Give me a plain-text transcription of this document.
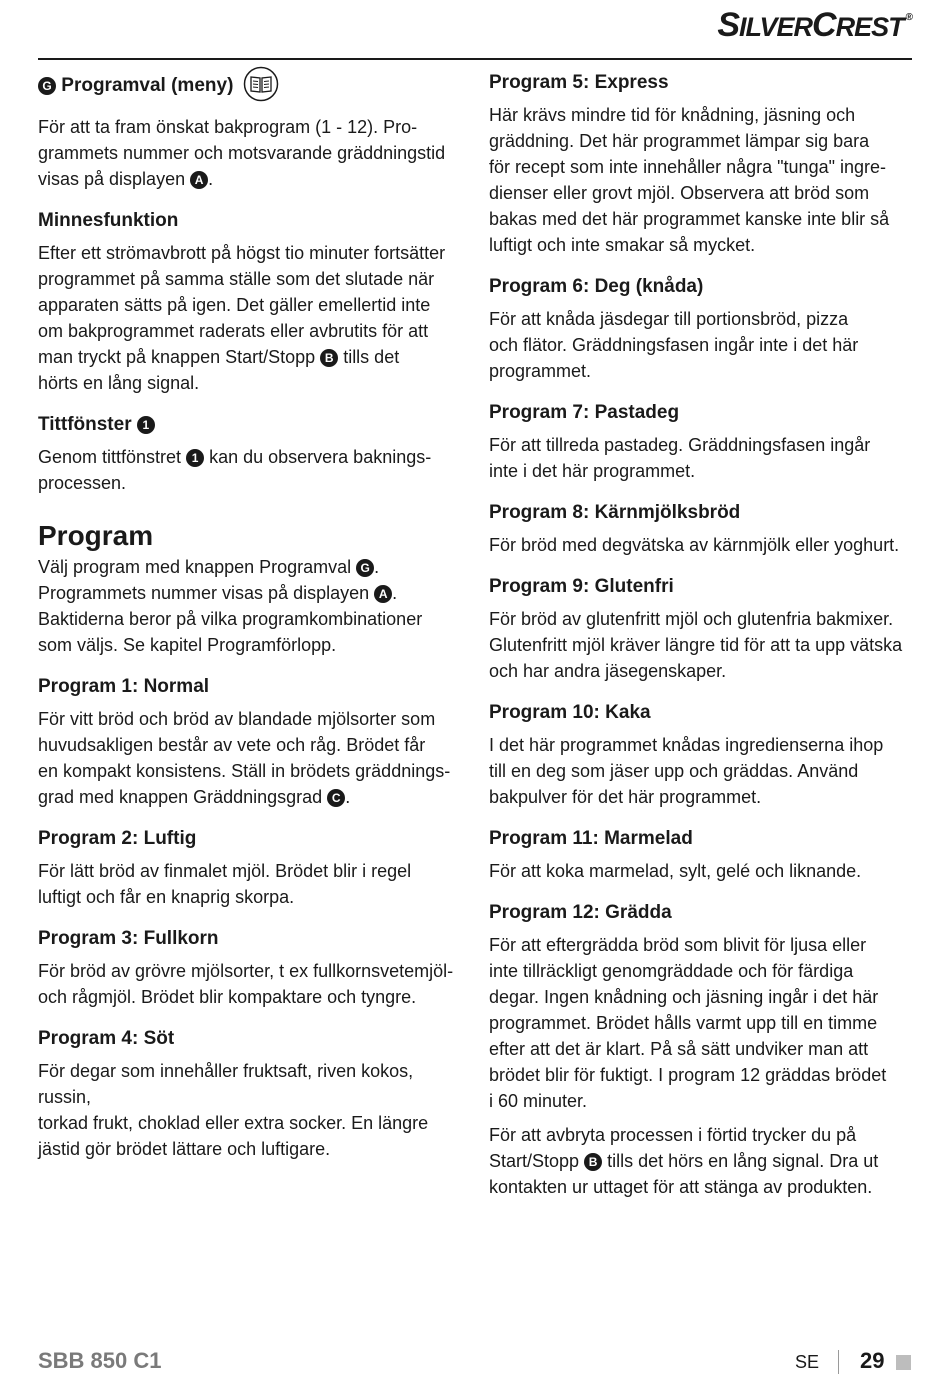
SILVERCREST ®
G Programval (meny)

För att ta fram önskat bakprogram (1 - 12). Pro-
grammets nummer och motsvarande gräddningstid
visas på displayen A .

Minnesfunktion

Efter ett strömavbrott på högst tio minuter fortsätter
programmet på samma ställe som det slutade när
apparaten sätts på igen. Det gäller emellertid inte
om bakprogrammet raderats eller avbrutits för att
man tryckt på knappen Start/Stopp B tills det
hörts en lång signal.

Tittfönster 1

Genom tittfönstret 1 kan du observera baknings-
processen.

Program

Välj program med knappen Programval G .
Programmets nummer visas på displayen A .
Baktiderna beror på vilka programkombinationer
som väljs. Se kapitel Programförlopp.

Program 1: Normal

För vitt bröd och bröd av blandade mjölsorter som
huvudsakligen består av vete och råg. Brödet får
en kompakt konsistens. Ställ in brödets gräddnings-
grad med knappen Gräddningsgrad C .

Program 2: Luftig

För lätt bröd av finmalet mjöl. Brödet blir i regel
luftigt och får en knaprig skorpa.

Program 3: Fullkorn

För bröd av grövre mjölsorter, t ex fullkornsvetemjöl-
och rågmjöl. Brödet blir kompaktare och tyngre.

Program 4: Söt

För degar som innehåller fruktsaft, riven kokos, russin,
torkad frukt, choklad eller extra socker. En längre
jästid gör brödet lättare och luftigare.

Program 5: Express

Här krävs mindre tid för knådning, jäsning och
gräddning. Det här programmet lämpar sig bara
för recept som inte innehåller några "tunga" ingre-
dienser eller grovt mjöl. Observera att bröd som
bakas med det här programmet kanske inte blir så
luftigt och inte smakar så mycket.

Program 6: Deg (knåda)

För att knåda jäsdegar till portionsbröd, pizza
och flätor. Gräddningsfasen ingår inte i det här
programmet.

Program 7: Pastadeg

För att tillreda pastadeg. Gräddningsfasen ingår
inte i det här programmet.

Program 8: Kärnmjölksbröd

För bröd med degvätska av kärnmjölk eller yoghurt.

Program 9: Glutenfri

För bröd av glutenfritt mjöl och glutenfria bakmixer.
Glutenfritt mjöl kräver längre tid för att ta upp vätska
och har andra jäsegenskaper.

Program 10: Kaka

I det här programmet knådas ingredienserna ihop
till en deg som jäser upp och gräddas. Använd
bakpulver för det här programmet.

Program 11: Marmelad

För att koka marmelad, sylt, gelé och liknande.

Program 12: Grädda

För att eftergrädda bröd som blivit för ljusa eller
inte tillräckligt genomgräddade och för färdiga
degar. Ingen knådning och jäsning ingår i det här
programmet. Brödet hålls varmt upp till en timme
efter att det är klart. På så sätt undviker man att
brödet blir för fuktigt. I program 12 gräddas brödet
i 60 minuter.

För att avbryta processen i förtid trycker du på
Start/Stopp B tills det hörs en lång signal. Dra ut
kontakten ur uttaget för att stänga av produkten.

SBB 850 C1	SE 29
